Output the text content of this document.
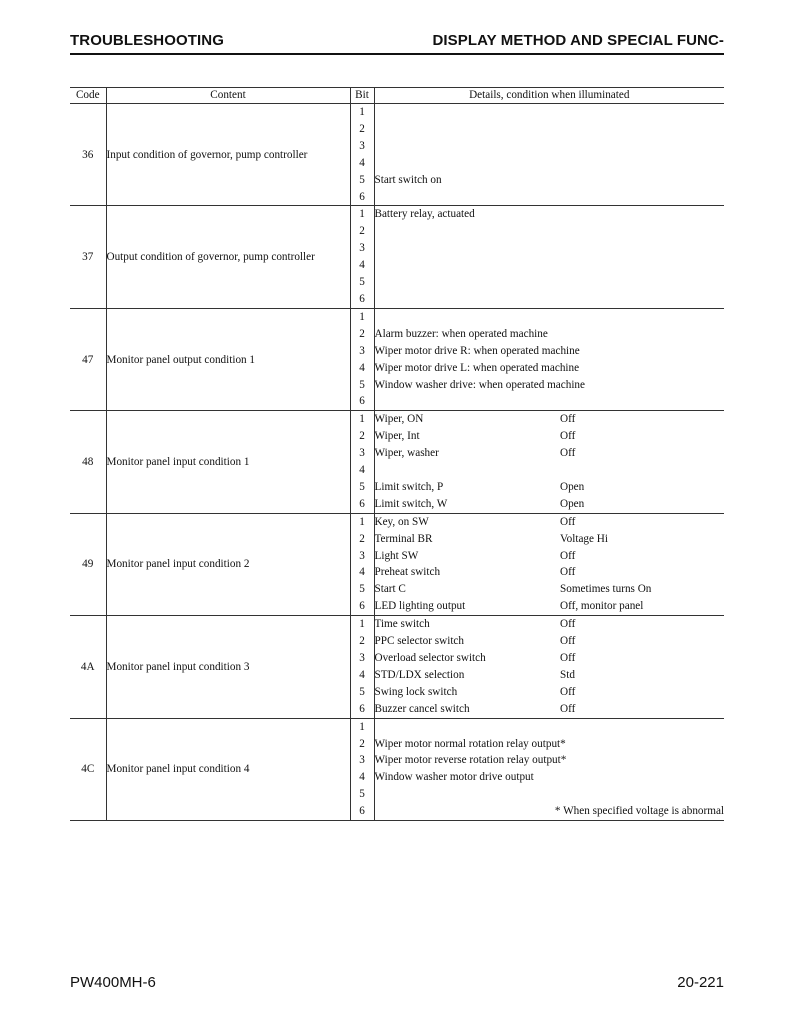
TROUBLESHOOTING	DISPLAY METHOD AND SPECIAL FUNC-
Code	Content	Bit	Details, condition when illuminated	
36	Input condition of governor, pump controller	1		
		2		
		3		
		4		
		5	Start switch on	
		6		
37	Output condition of governor, pump controller	1	Battery relay, actuated	
		2		
		3		
		4		
		5		
		6		
47	Monitor panel output condition 1	1		
		2	Alarm buzzer: when operated machine	
		3	Wiper motor drive R: when operated machine	
		4	Wiper motor drive L: when operated machine	
		5	Window washer drive: when operated machine	
		6		
48	Monitor panel input condition 1	1	Wiper, ON	Off
		2	Wiper, Int	Off
		3	Wiper, washer	Off
		4		
		5	Limit switch, P	Open
		6	Limit switch, W	Open
49	Monitor panel input condition 2	1	Key, on SW	Off
		2	Terminal BR	Voltage Hi
		3	Light SW	Off
		4	Preheat switch	Off
		5	Start C	Sometimes turns On
		6	LED lighting output	Off, monitor panel
4A	Monitor panel input condition 3	1	Time switch	Off
		2	PPC selector switch	Off
		3	Overload selector switch	Off
		4	STD/LDX selection	Std
		5	Swing lock switch	Off
		6	Buzzer cancel switch	Off
4C	Monitor panel input condition 4	1		
		2	Wiper motor normal rotation relay output*	
		3	Wiper motor reverse rotation relay output*	
		4	Window washer motor drive output	
		5		
		6	* When specified voltage is abnormal	
PW400MH-6	20-221
